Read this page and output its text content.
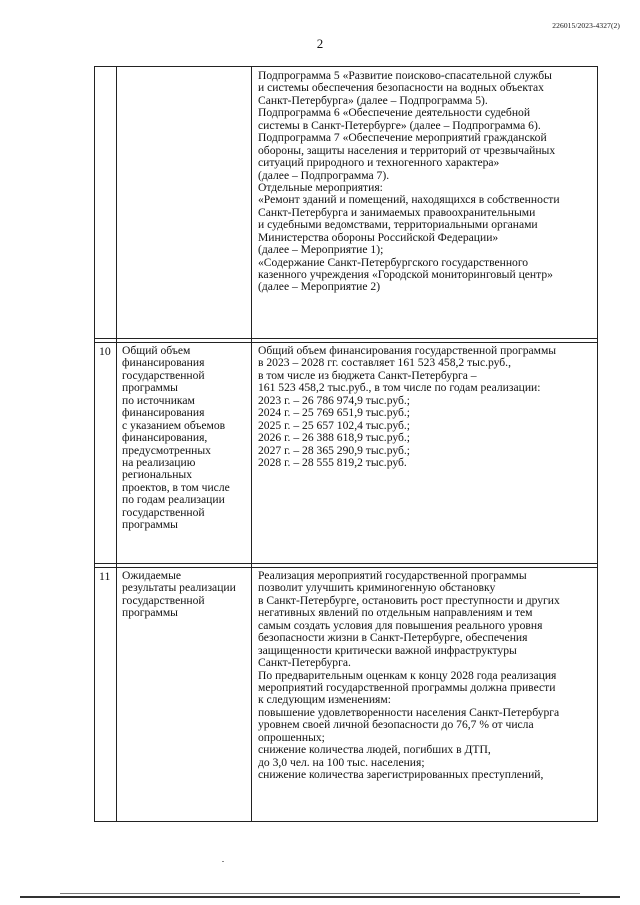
226015/2023-4327(2)
2
Подпрограмма 5 «Развитие поисково-спасательной службы
и системы обеспечения безопасности на водных объектах
Санкт-Петербурга» (далее – Подпрограмма 5).
Подпрограмма 6 «Обеспечение деятельности судебной
системы в Санкт-Петербурге» (далее – Подпрограмма 6).
Подпрограмма 7 «Обеспечение мероприятий гражданской
обороны, защиты населения и территорий от чрезвычайных
ситуаций природного и техногенного характера»
(далее – Подпрограмма 7).
Отдельные мероприятия:
«Ремонт зданий и помещений, находящихся в собственности
Санкт-Петербурга и занимаемых правоохранительными
и судебными ведомствами, территориальными органами
Министерства обороны Российской Федерации»
(далее – Мероприятие 1);
«Содержание Санкт-Петербургского государственного
казенного учреждения «Городской мониторинговый центр»
(далее – Мероприятие 2)
10 Общий объем
финансирования
государственной
программы
по источникам
финансирования
с указанием объемов
финансирования,
предусмотренных
на реализацию
региональных
проектов, в том числе
по годам реализации
государственной
программы
Общий объем финансирования государственной программы
в 2023 – 2028 гг. составляет 161 523 458,2 тыс.руб.,
в том числе из бюджета Санкт-Петербурга –
161 523 458,2 тыс.руб., в том числе по годам реализации:
2023 г. – 26 786 974,9 тыс.руб.;
2024 г. – 25 769 651,9 тыс.руб.;
2025 г. – 25 657 102,4 тыс.руб.;
2026 г. – 26 388 618,9 тыс.руб.;
2027 г. – 28 365 290,9 тыс.руб.;
2028 г. – 28 555 819,2 тыс.руб.
11 Ожидаемые
результаты реализации
государственной
программы
Реализация мероприятий государственной программы
позволит улучшить криминогенную обстановку
в Санкт-Петербурге, остановить рост преступности и других
негативных явлений по отдельным направлениям и тем
самым создать условия для повышения реального уровня
безопасности жизни в Санкт-Петербурге, обеспечения
защищенности критически важной инфраструктуры
Санкт-Петербурга.
По предварительным оценкам к концу 2028 года реализация
мероприятий государственной программы должна привести
к следующим изменениям:
повышение удовлетворенности населения Санкт-Петербурга
уровнем своей личной безопасности до 76,7 % от числа
опрошенных;
снижение количества людей, погибших в ДТП,
до 3,0 чел. на 100 тыс. населения;
снижение количества зарегистрированных преступлений,
